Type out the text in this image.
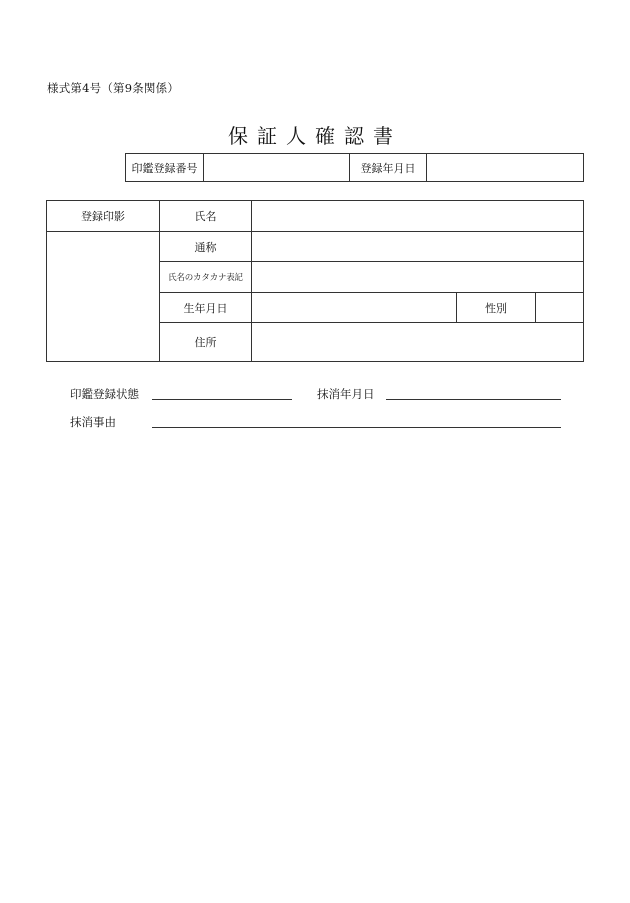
様式第4号（第9条関係）
保証人確認書
印鑑登録番号		登録年月日	
登録印影	氏名			
	通称			
	氏名のカタカナ表記			
	生年月日		性別	
	住所			
印鑑登録状態	抹消年月日
抹消事由
